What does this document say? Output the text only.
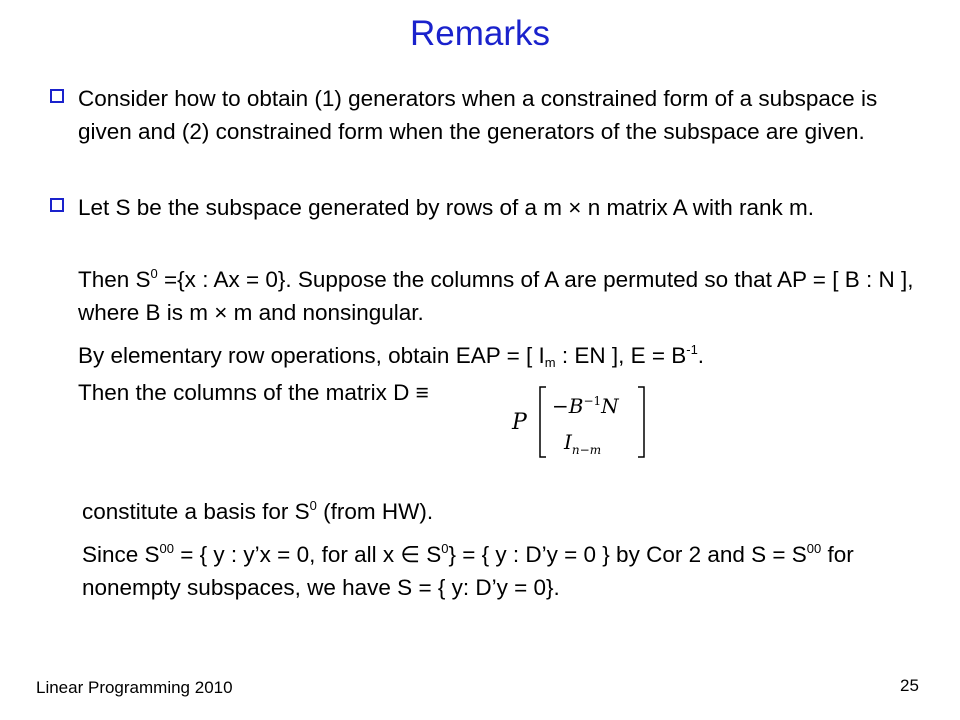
Remarks
Consider how to obtain (1) generators when a constrained form of a subspace is given and (2) constrained form when the generators of the subspace are given.
Let S be the subspace generated by rows of a m × n matrix A with rank m.
Then $S^0 =\{x$ : Ax = 0}. Suppose the columns of A are permuted so that AP = [ B : N ], where B is m × m and nonsingular.
By elementary row operations, obtain EAP = [ $I_m$ : EN ], $E = B^{-1}$.
Then the columns of the matrix D ≡
P
$-B^{-1}N$
$I_{n-m}$
constitute a basis for $S^0$ (from HW).
Since $S^{00}$ = { y : y’x = 0, for all x ∈ $S^0$} = { y : D’y = 0 } by Cor 2 and $S = S^{00}$ for nonempty subspaces, we have S = { y: D’y = 0}.
Linear Programming 2010	25
